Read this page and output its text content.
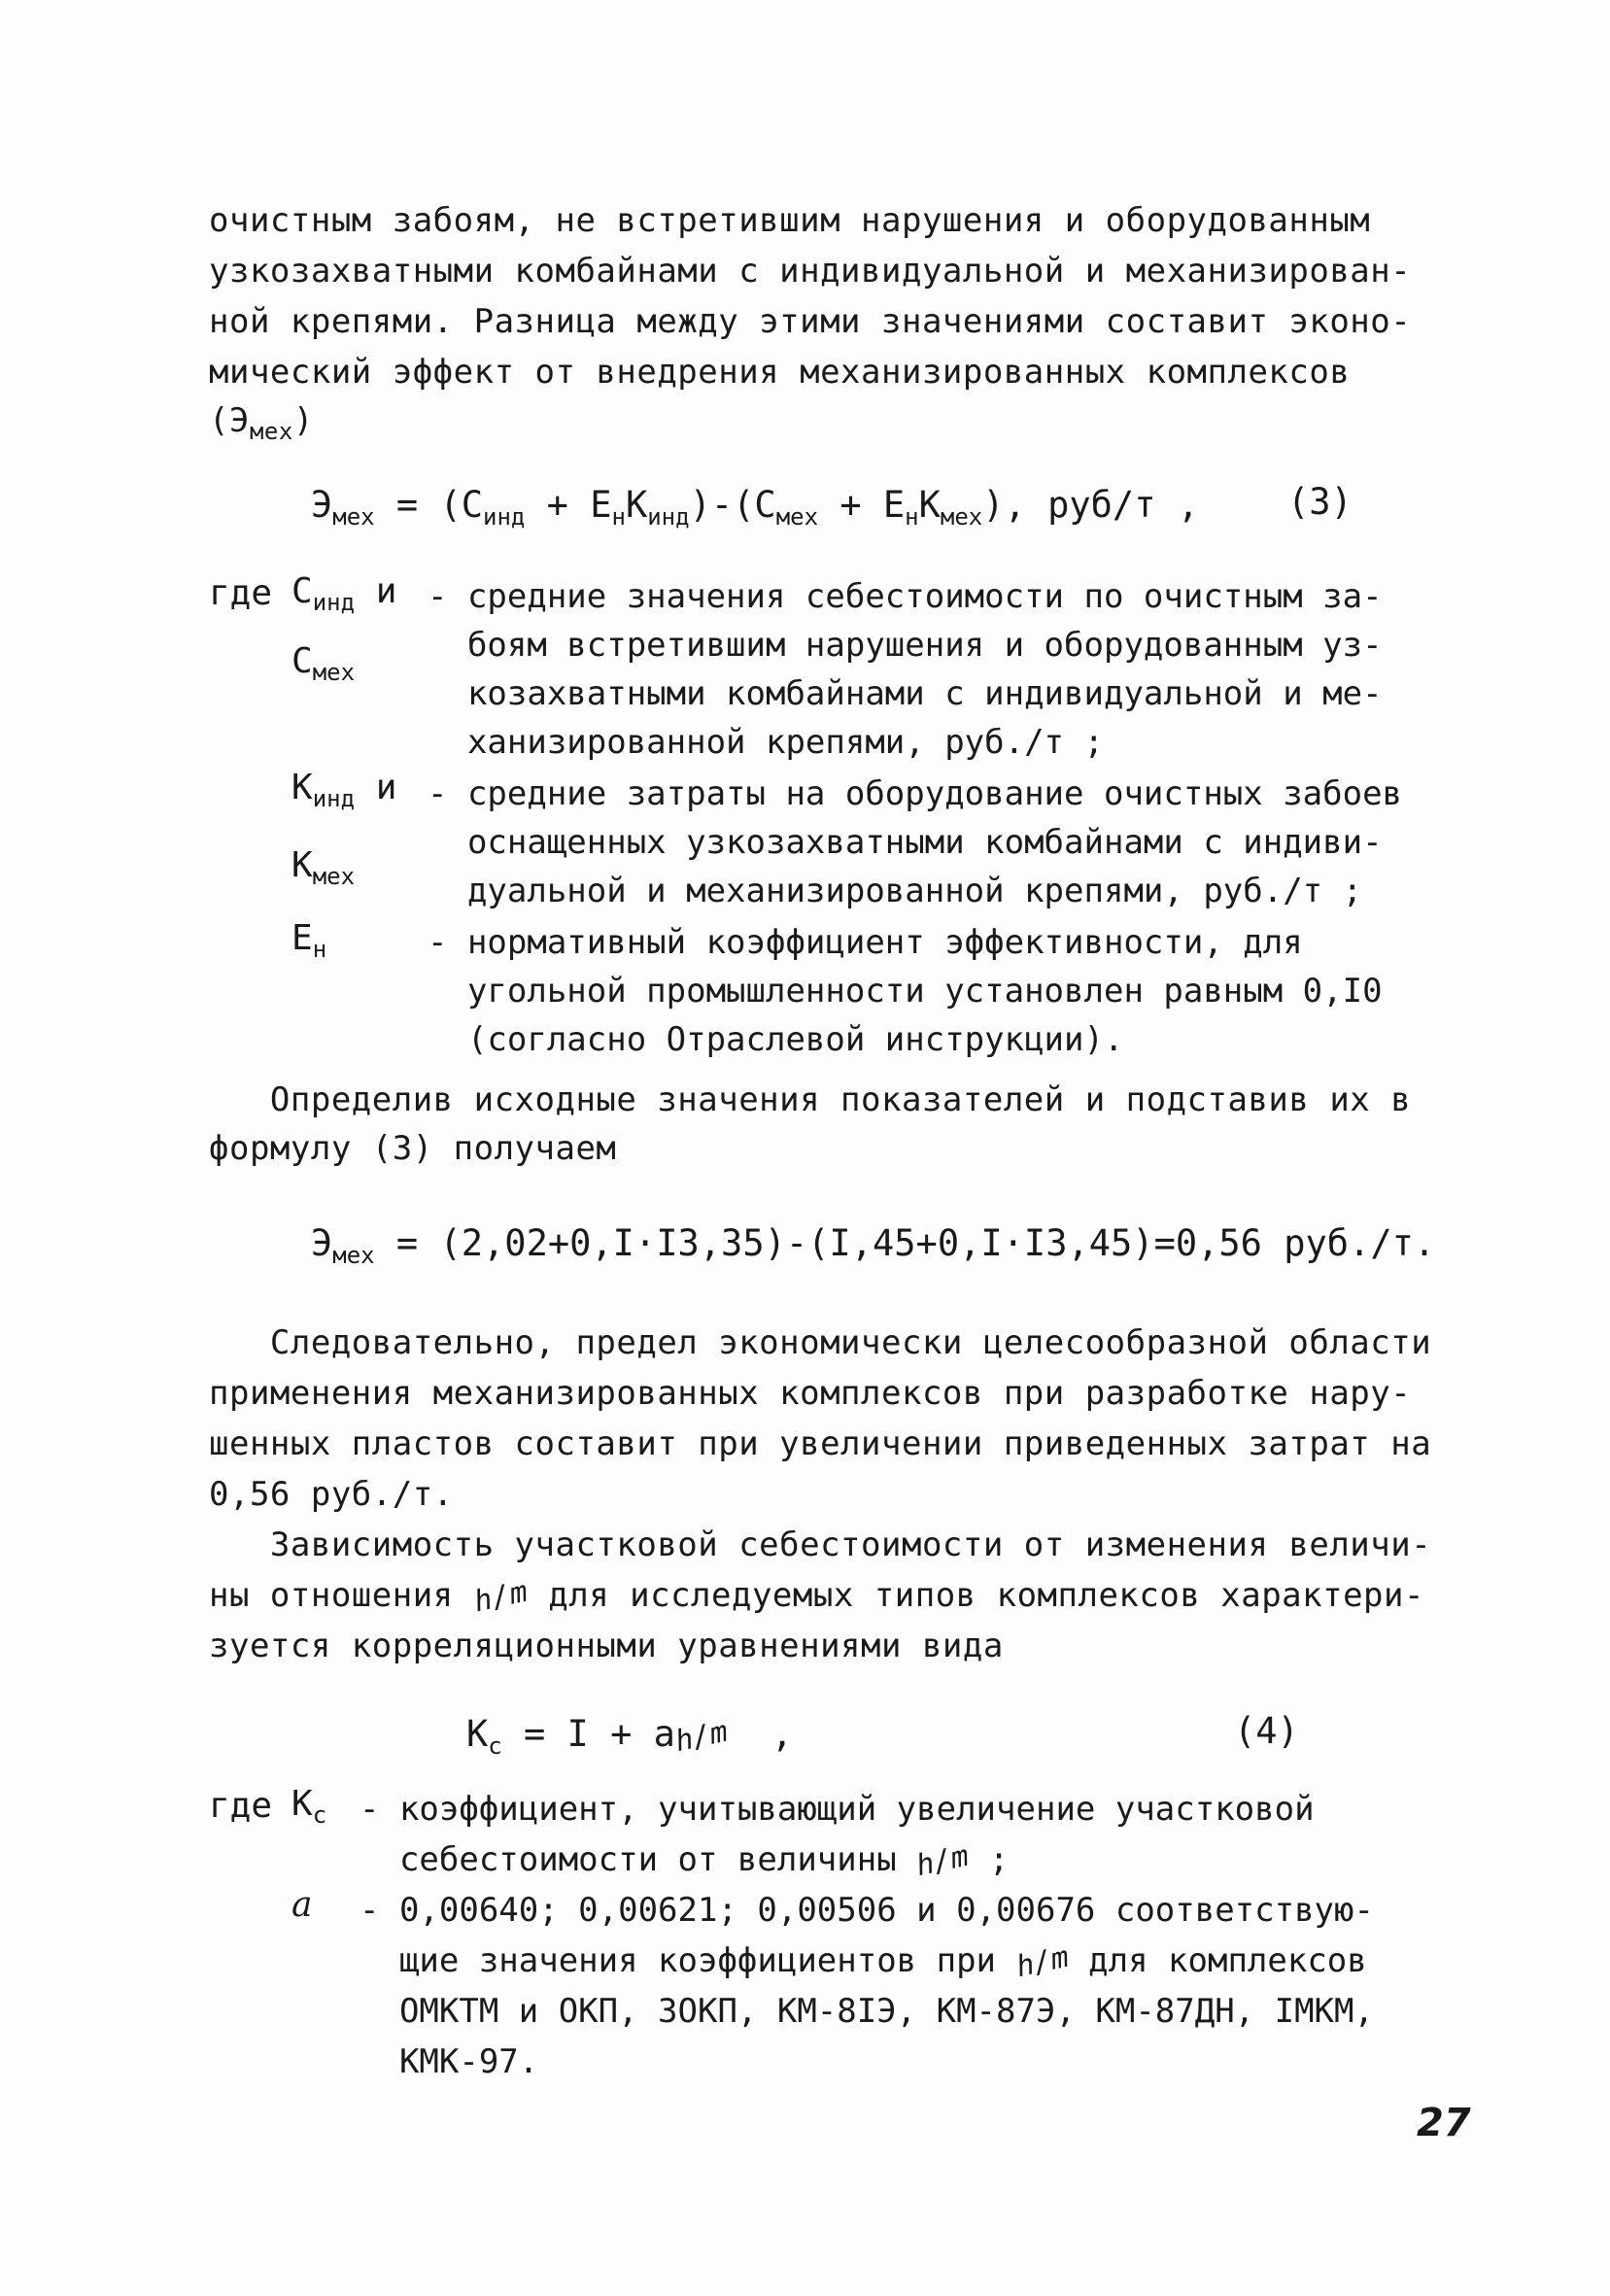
очистным забоям, не встретившим нарушения и оборудованным
узкозахватными комбайнами с индивидуальной и механизирован-
ной крепями. Разница между этими значениями составит эконо-
мический эффект от внедрения механизированных комплексов
$(Э_{мех})$
$Э_{мех} = (С_{инд} + Е_нК_{инд})-(С_{мех} + Е_нК_{мех})$, руб/т , (3)
где $С_{инд}$ и
$С_{мех}$
- средние значения себестоимости по очистным за-
боям встретившим нарушения и оборудованным уз-
козахватными комбайнами с индивидуальной и ме-
ханизированной крепями, руб./т ;
$К_{инд}$ и
$К_{мех}$
- средние затраты на оборудование очистных забоев
оснащенных узкозахватными комбайнами с индиви-
дуальной и механизированной крепями, руб./т ;
$Е_н$	- нормативный коэффициент эффективности, для
угольной промышленности установлен равным 0,I0
(согласно Отраслевой инструкции).
Определив исходные значения показателей и подставив их в
формулу (3) получаем
$Э_{мех} = (2,02+0,I\cdot I3,35)-(I,45+0,I\cdot I3,45)=0,56$ руб./т.
Следовательно, предел экономически целесообразной области
применения механизированных комплексов при разработке нару-
шенных пластов составит при увеличении приведенных затрат на
0,56 руб./т.
Зависимость участковой себестоимости от изменения величи-
ны отношения h/m для исследуемых типов комплексов характери-
зуется корреляционными уравнениями вида
$К_с = I + ah/m$  ,	(4)
где $К_с$ - коэффициент, учитывающий увеличение участковой
себестоимости от величины h/m ;
a - 0,00640; 0,00621; 0,00506 и 0,00676 соответствую-
щие значения коэффициентов при h/m для комплексов
ОМКТМ и ОКП, 3ОКП, КМ-8IЭ, КМ-87Э, КМ-87ДН, IМКМ,
КМК-97.
27
